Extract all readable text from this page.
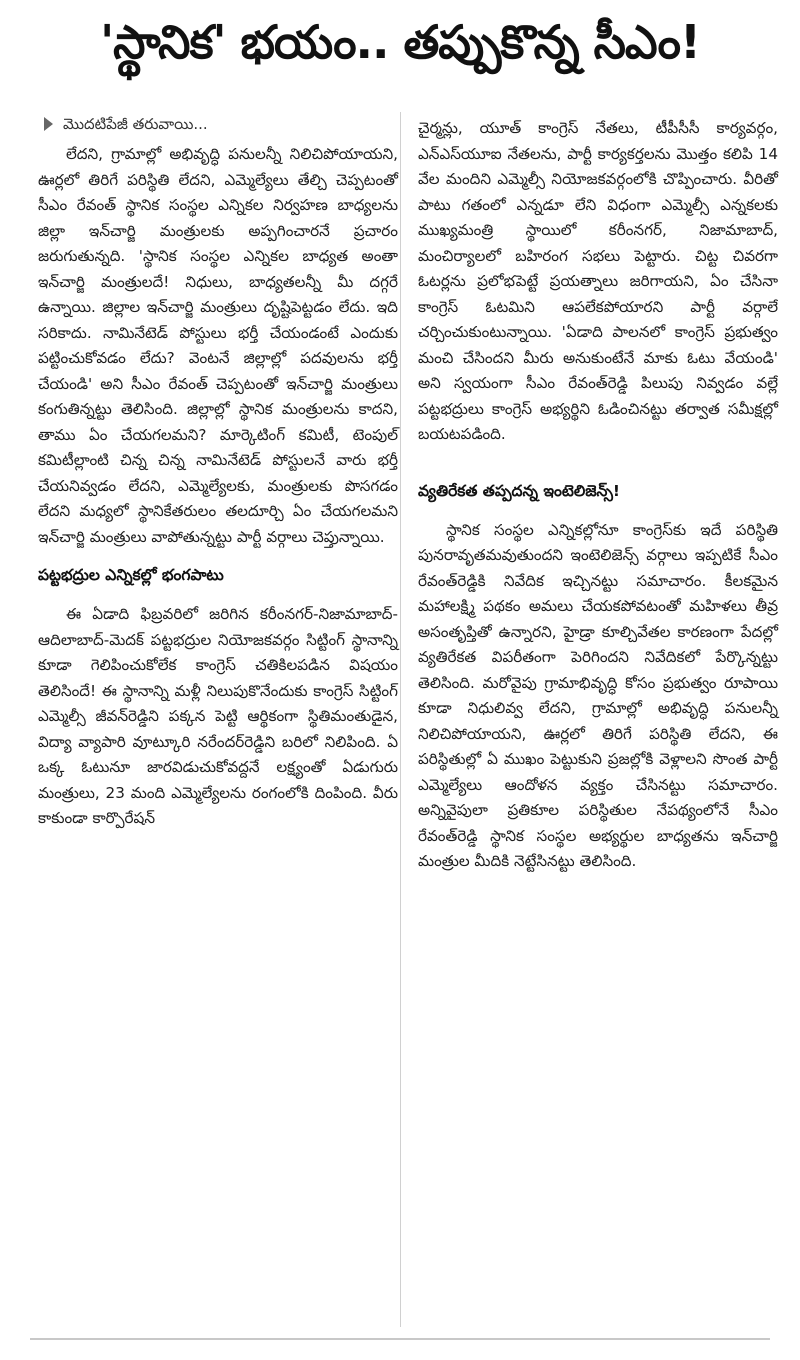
'స్థానిక' భయం.. తప్పుకొన్న సీఎం!
మొదటిపేజీ తరువాయి...

లేదని, గ్రామాల్లో అభివృద్ధి పనులన్నీ నిలిచిపోయాయని, ఊర్లలో తిరిగే పరిస్థితి లేదని, ఎమ్మెల్యేలు తేల్చి చెప్పటంతో సీఎం రేవంత్ స్థానిక సంస్థల ఎన్నికల నిర్వహణ బాధ్యలను జిల్లా ఇన్‌చార్జి మంత్రులకు అప్పగించారనే ప్రచారం జరుగుతున్నది. 'స్థానిక సంస్థల ఎన్నికల బాధ్యత అంతా ఇన్‌చార్జి మంత్రులదే! నిధులు, బాధ్యతలన్నీ మీ దగ్గరే ఉన్నాయి. జిల్లాల ఇన్‌చార్జి మంత్రులు దృష్టిపెట్టడం లేదు. ఇది సరికాదు. నామినేటెడ్ పోస్టులు భర్తీ చేయండంటే ఎందుకు పట్టించుకోవడం లేదు? వెంటనే జిల్లాల్లో పదవులను భర్తీ చేయండి' అని సీఎం రేవంత్ చెప్పటంతో ఇన్‌చార్జి మంత్రులు కంగుతిన్నట్టు తెలిసింది. జిల్లాల్లో స్థానిక మంత్రులను కాదని, తాము ఏం చేయగలమని? మార్కెటింగ్ కమిటీ, టెంపుల్ కమిటీల్లాంటి చిన్న చిన్న నామినేటెడ్ పోస్టులనే వారు భర్తీ చేయనివ్వడం లేదని, ఎమ్మెల్యేలకు, మంత్రులకు పొసగడం లేదని మధ్యలో స్థానికేతరులం తలదూర్చి ఏం చేయగలమని ఇన్‌చార్జి మంత్రులు వాపోతున్నట్టు పార్టీ వర్గాలు చెప్తున్నాయి.

పట్టభద్రుల ఎన్నికల్లో భంగపాటు

ఈ ఏడాది ఫిబ్రవరిలో జరిగిన కరీంనగర్-నిజామాబాద్-ఆదిలాబాద్-మెదక్ పట్టభద్రుల నియోజకవర్గం సిట్టింగ్ స్థానాన్ని కూడా గెలిపించుకోలేక కాంగ్రెస్ చతికిలపడిన విషయం తెలిసిందే! ఈ స్థానాన్ని మళ్లీ నిలుపుకొనేందుకు కాంగ్రెస్ సిట్టింగ్ ఎమ్మెల్సీ జీవన్‌రెడ్డిని పక్కన పెట్టి ఆర్థికంగా స్థితిమంతుడైన, విద్యా వ్యాపారి వూట్కూరి నరేందర్‌రెడ్డిని బరిలో నిలిపింది. ఏ ఒక్క ఓటునూ జారవిడుచుకోవద్దనే లక్ష్యంతో ఏడుగురు మంత్రులు, 23 మంది ఎమ్మెల్యేలను రంగంలోకి దింపింది. వీరు కాకుండా కార్పొరేషన్

చైర్మన్లు, యూత్ కాంగ్రెస్ నేతలు, టీపీసీసీ కార్యవర్గం, ఎన్ఎస్‌యూఐ నేతలను, పార్టీ కార్యకర్తలను మొత్తం కలిపి 14 వేల మందిని ఎమ్మెల్సీ నియోజకవర్గంలోకి చొప్పించారు. వీరితో పాటు గతంలో ఎన్నడూ లేని విధంగా ఎమ్మెల్సీ ఎన్నకలకు ముఖ్యమంత్రి స్థాయిలో కరీంనగర్, నిజామాబాద్, మంచిర్యాలలో బహిరంగ సభలు పెట్టారు. చిట్ట చివరగా ఓటర్లను ప్రలోభపెట్టే ప్రయత్నాలు జరిగాయని, ఏం చేసినా కాంగ్రెస్ ఓటమిని ఆపలేకపోయారని పార్టీ వర్గాలే చర్చించుకుంటున్నాయి. 'ఏడాది పాలనలో కాంగ్రెస్ ప్రభుత్వం మంచి చేసిందని మీరు అనుకుంటేనే మాకు ఓటు వేయండి' అని స్వయంగా సీఎం రేవంత్‌రెడ్డి పిలుపు నివ్వడం వల్లే పట్టభద్రులు కాంగ్రెస్ అభ్యర్థిని ఓడించినట్టు తర్వాత సమీక్షల్లో బయటపడింది.

వ్యతిరేకత తప్పదన్న ఇంటెలిజెన్స్!

స్థానిక సంస్థల ఎన్నికల్లోనూ కాంగ్రెస్‌కు ఇదే పరిస్థితి పునరావృతమవుతుందని ఇంటెలిజెన్స్ వర్గాలు ఇప్పటికే సీఎం రేవంత్‌రెడ్డికి నివేదిక ఇచ్చినట్టు సమాచారం. కీలకమైన మహాలక్ష్మి పథకం అమలు చేయకపోవటంతో మహిళలు తీవ్ర అసంతృప్తితో ఉన్నారని, హైడ్రా కూల్చివేతల కారణంగా పేదల్లో వ్యతిరేకత విపరీతంగా పెరిగిందని నివేదికలో పేర్కొన్నట్టు తెలిసింది. మరోవైపు గ్రామాభివృద్ధి కోసం ప్రభుత్వం రూపాయి కూడా నిధులివ్వ లేదని, గ్రామాల్లో అభివృద్ధి పనులన్నీ నిలిచిపోయాయని, ఊర్లలో తిరిగే పరిస్థితి లేదని, ఈ పరిస్థితుల్లో ఏ ముఖం పెట్టుకుని ప్రజల్లోకి వెళ్లాలని సొంత పార్టీ ఎమ్మెల్యేలు ఆందోళన వ్యక్తం చేసినట్టు సమాచారం. అన్నివైపులా ప్రతికూల పరిస్థితుల నేపథ్యంలోనే సీఎం రేవంత్‌రెడ్డి స్థానిక సంస్థల అభ్యర్థుల బాధ్యతను ఇన్‌చార్జి మంత్రుల మీదికి నెట్టేసినట్టు తెలిసింది.
